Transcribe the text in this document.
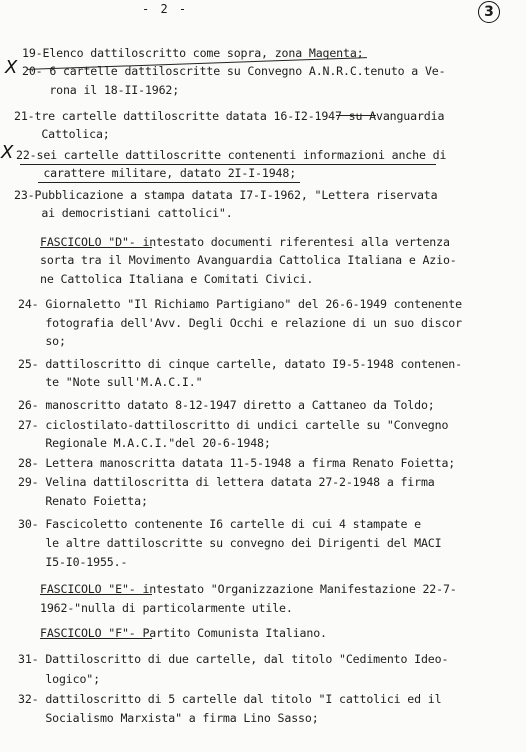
- 2 -	3
X
X
19-Elenco dattiloscritto come sopra, zona Magenta;
20- 6 cartelle dattiloscritte su Convegno A.N.R.C.tenuto a Ve-
rona il 18-II-1962;
21-tre cartelle dattiloscritte datata 16-I2-1947 su Avanguardia
Cattolica;
22-sei cartelle dattiloscritte contenenti informazioni anche di
carattere militare, datato 2I-I-1948;
23-Pubblicazione a stampa datata I7-I-1962, "Lettera riservata
ai democristiani cattolici".
FASCICOLO "D"- intestato documenti riferentesi alla vertenza
sorta tra il Movimento Avanguardia Cattolica Italiana e Azio-
ne Cattolica Italiana e Comitati Civici.
24- Giornaletto "Il Richiamo Partigiano" del 26-6-1949 contenente
fotografia dell'Avv. Degli Occhi e relazione di un suo discor
so;
25- dattiloscritto di cinque cartelle, datato I9-5-1948 contenen-
te "Note sull'M.A.C.I."
26- manoscritto datato 8-12-1947 diretto a Cattaneo da Toldo;
27- ciclostilato-dattiloscritto di undici cartelle su "Convegno
Regionale M.A.C.I."del 20-6-1948;
28- Lettera manoscritta datata 11-5-1948 a firma Renato Foietta;
29- Velina dattiloscritta di lettera datata 27-2-1948 a firma
Renato Foietta;
30- Fascicoletto contenente I6 cartelle di cui 4 stampate e
le altre dattiloscritte su convegno dei Dirigenti del MACI
I5-I0-1955.-
FASCICOLO "E"- intestato "Organizzazione Manifestazione 22-7-
1962-"nulla di particolarmente utile.
FASCICOLO "F"- Partito Comunista Italiano.
31- Dattiloscritto di due cartelle, dal titolo "Cedimento Ideo-
logico";
32- dattiloscritto di 5 cartelle dal titolo "I cattolici ed il
Socialismo Marxista" a firma Lino Sasso;
